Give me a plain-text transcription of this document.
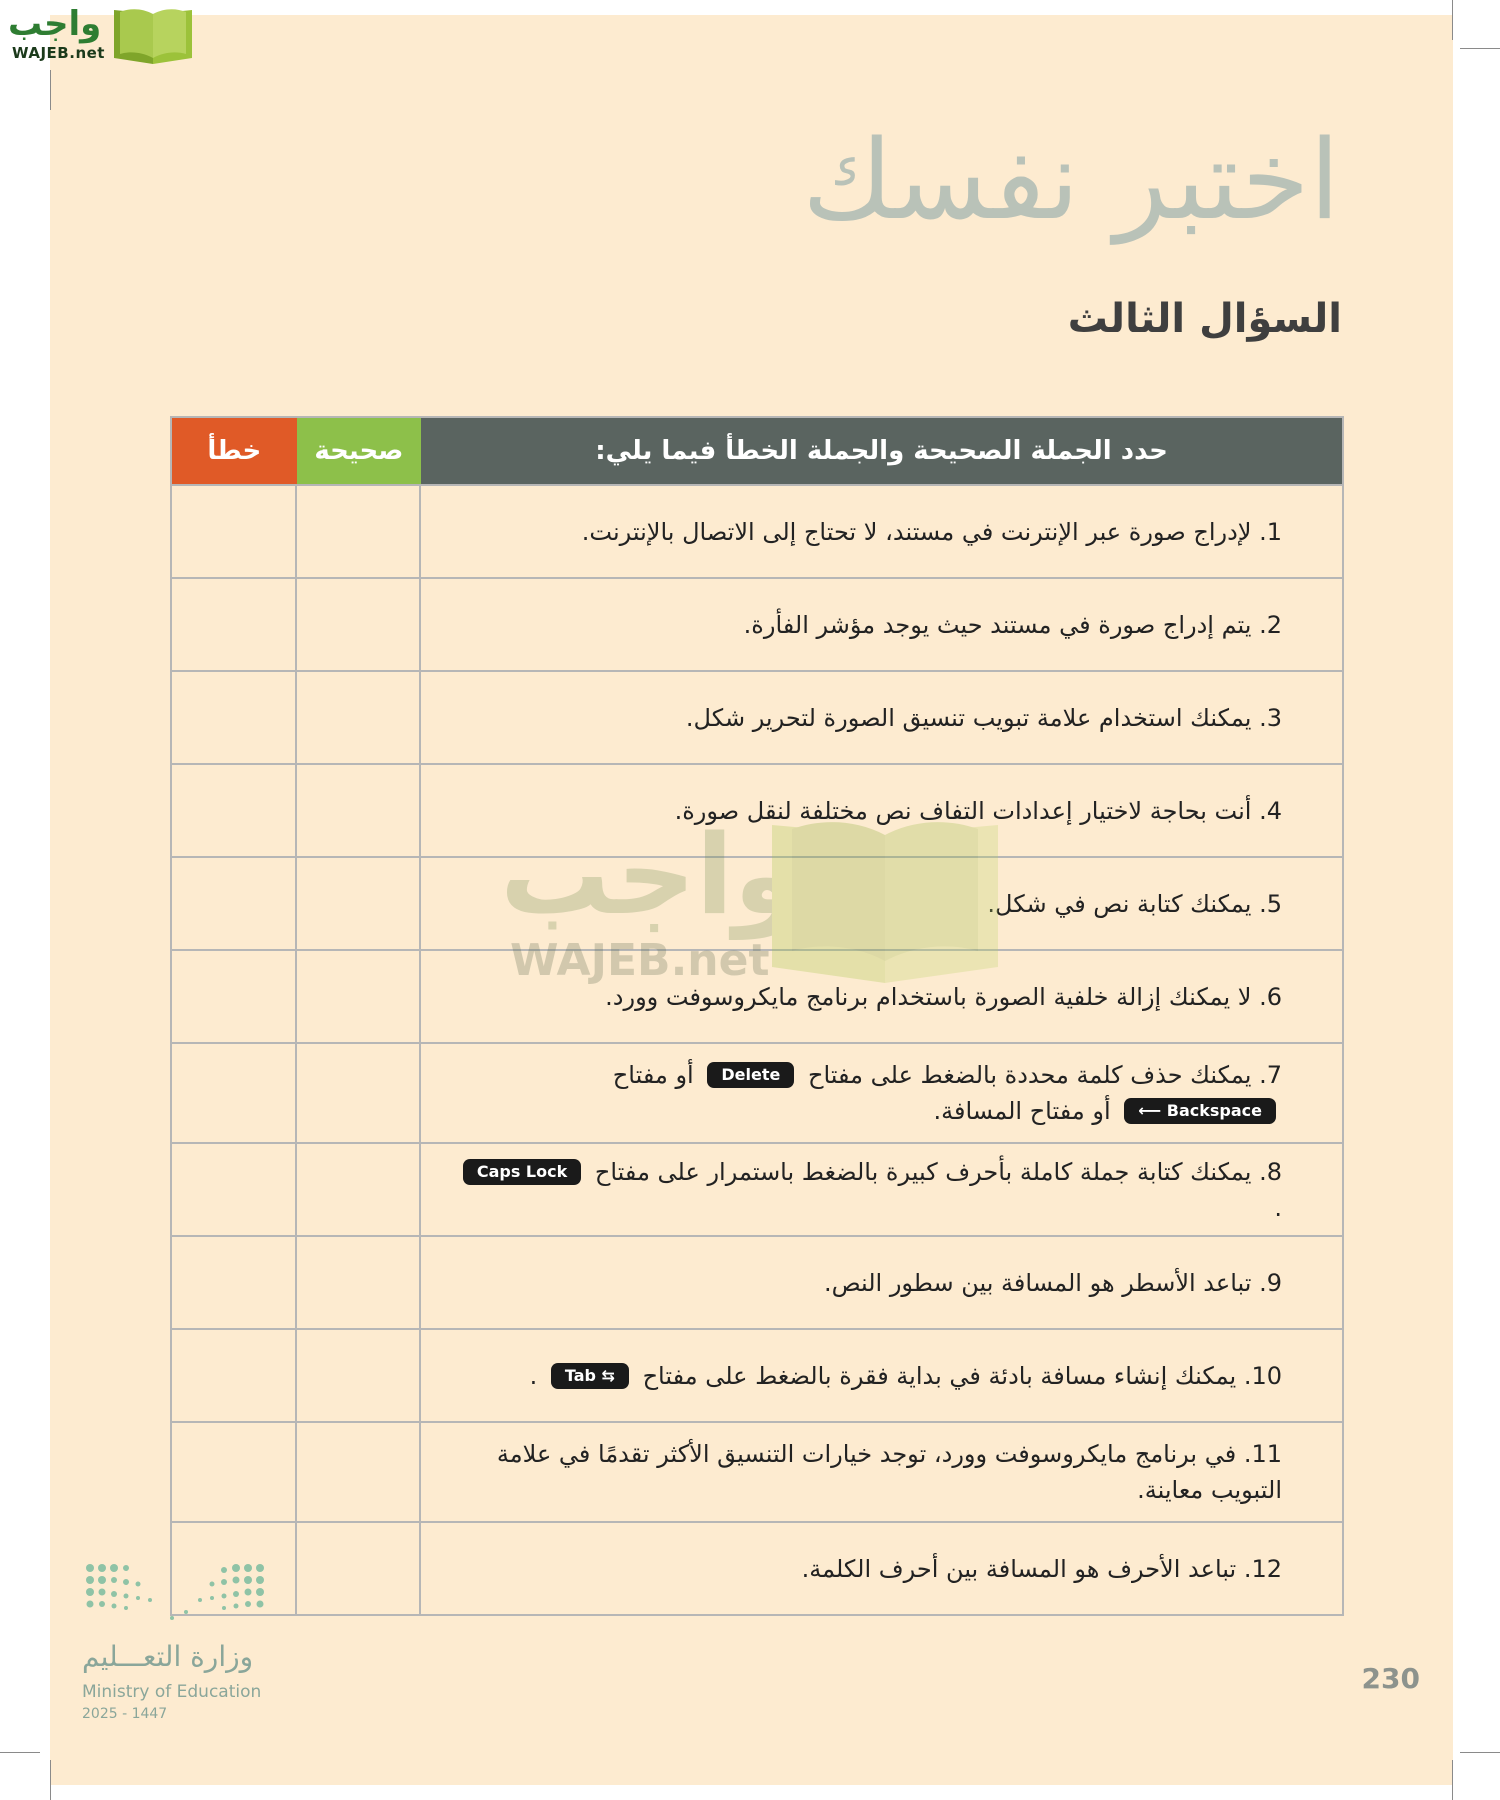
واجب
WAJEB.net
اختبر نفسك
السؤال الثالث
حدد الجملة الصحيحة والجملة الخطأ فيما يلي:
صحيحة
خطأ
1. لإدراج صورة عبر الإنترنت في مستند، لا تحتاج إلى الاتصال بالإنترنت.
2. يتم إدراج صورة في مستند حيث يوجد مؤشر الفأرة.
3. يمكنك استخدام علامة تبويب تنسيق الصورة لتحرير شكل.
4. أنت بحاجة لاختيار إعدادات التفاف نص مختلفة لنقل صورة.
5. يمكنك كتابة نص في شكل.
6. لا يمكنك إزالة خلفية الصورة باستخدام برنامج مايكروسوفت وورد.
7. يمكنك حذف كلمة محددة بالضغط على مفتاح Delete أو مفتاح ⟵ Backspace أو مفتاح المسافة.
8. يمكنك كتابة جملة كاملة بأحرف كبيرة بالضغط باستمرار على مفتاح Caps Lock .
9. تباعد الأسطر هو المسافة بين سطور النص.
10. يمكنك إنشاء مسافة بادئة في بداية فقرة بالضغط على مفتاح Tab ⇆ .
11. في برنامج مايكروسوفت وورد، توجد خيارات التنسيق الأكثر تقدمًا في علامة التبويب معاينة.
12. تباعد الأحرف هو المسافة بين أحرف الكلمة.
واجب
WAJEB.net
وزارة التعـــليم
Ministry of Education
2025 - 1447
230
